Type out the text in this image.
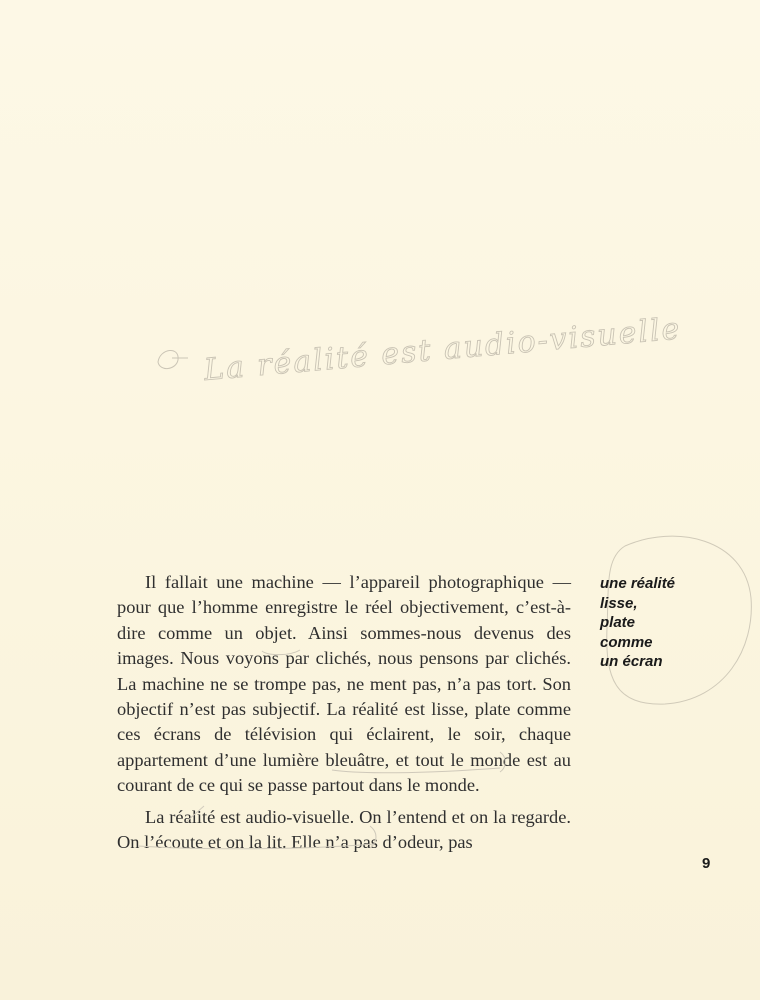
La réalité est audio-visuelle

Il fallait une machine — l’appareil photographique — pour que l’homme enregistre le réel objectivement, c’est-à-dire comme un objet. Ainsi sommes-nous devenus des images. Nous voyons par clichés, nous pensons par clichés. La machine ne se trompe pas, ne ment pas, n’a pas tort. Son objectif n’est pas subjectif. La réalité est lisse, plate comme ces écrans de télévision qui éclairent, le soir, chaque appartement d’une lumière bleuâtre, et tout le monde est au courant de ce qui se passe partout dans le monde.

La réalité est audio-visuelle. On l’entend et on la regarde. On l’écoute et on la lit. Elle n’a pas d’odeur, pas

une réalité
lisse,
plate
comme
un écran
9
